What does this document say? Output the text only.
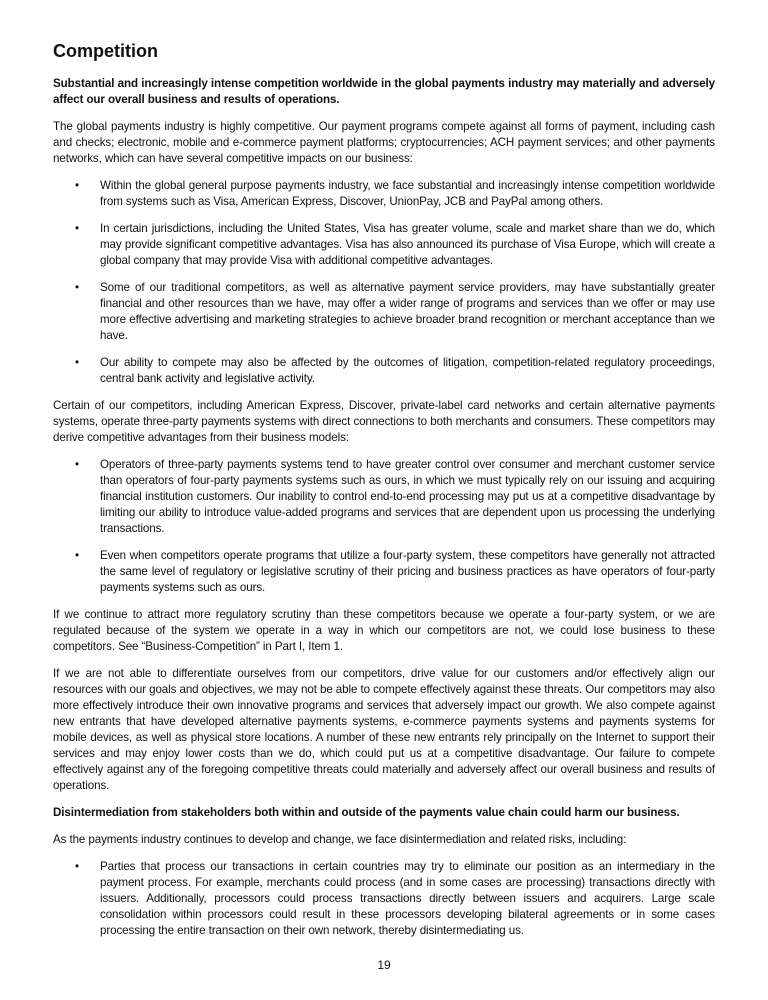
Competition

Substantial and increasingly intense competition worldwide in the global payments industry may materially and adversely affect our overall business and results of operations.

The global payments industry is highly competitive. Our payment programs compete against all forms of payment, including cash and checks; electronic, mobile and e-commerce payment platforms; cryptocurrencies; ACH payment services; and other payments networks, which can have several competitive impacts on our business:

• Within the global general purpose payments industry, we face substantial and increasingly intense competition worldwide from systems such as Visa, American Express, Discover, UnionPay, JCB and PayPal among others.

• In certain jurisdictions, including the United States, Visa has greater volume, scale and market share than we do, which may provide significant competitive advantages. Visa has also announced its purchase of Visa Europe, which will create a global company that may provide Visa with additional competitive advantages.

• Some of our traditional competitors, as well as alternative payment service providers, may have substantially greater financial and other resources than we have, may offer a wider range of programs and services than we offer or may use more effective advertising and marketing strategies to achieve broader brand recognition or merchant acceptance than we have.

• Our ability to compete may also be affected by the outcomes of litigation, competition-related regulatory proceedings, central bank activity and legislative activity.

Certain of our competitors, including American Express, Discover, private-label card networks and certain alternative payments systems, operate three-party payments systems with direct connections to both merchants and consumers. These competitors may derive competitive advantages from their business models:

• Operators of three-party payments systems tend to have greater control over consumer and merchant customer service than operators of four-party payments systems such as ours, in which we must typically rely on our issuing and acquiring financial institution customers. Our inability to control end-to-end processing may put us at a competitive disadvantage by limiting our ability to introduce value-added programs and services that are dependent upon us processing the underlying transactions.

• Even when competitors operate programs that utilize a four-party system, these competitors have generally not attracted the same level of regulatory or legislative scrutiny of their pricing and business practices as have operators of four-party payments systems such as ours.

If we continue to attract more regulatory scrutiny than these competitors because we operate a four-party system, or we are regulated because of the system we operate in a way in which our competitors are not, we could lose business to these competitors. See “Business-Competition” in Part I, Item 1.

If we are not able to differentiate ourselves from our competitors, drive value for our customers and/or effectively align our resources with our goals and objectives, we may not be able to compete effectively against these threats. Our competitors may also more effectively introduce their own innovative programs and services that adversely impact our growth. We also compete against new entrants that have developed alternative payments systems, e-commerce payments systems and payments systems for mobile devices, as well as physical store locations. A number of these new entrants rely principally on the Internet to support their services and may enjoy lower costs than we do, which could put us at a competitive disadvantage. Our failure to compete effectively against any of the foregoing competitive threats could materially and adversely affect our overall business and results of operations.

Disintermediation from stakeholders both within and outside of the payments value chain could harm our business.

As the payments industry continues to develop and change, we face disintermediation and related risks, including:

• Parties that process our transactions in certain countries may try to eliminate our position as an intermediary in the payment process. For example, merchants could process (and in some cases are processing) transactions directly with issuers. Additionally, processors could process transactions directly between issuers and acquirers. Large scale consolidation within processors could result in these processors developing bilateral agreements or in some cases processing the entire transaction on their own network, thereby disintermediating us.

19
